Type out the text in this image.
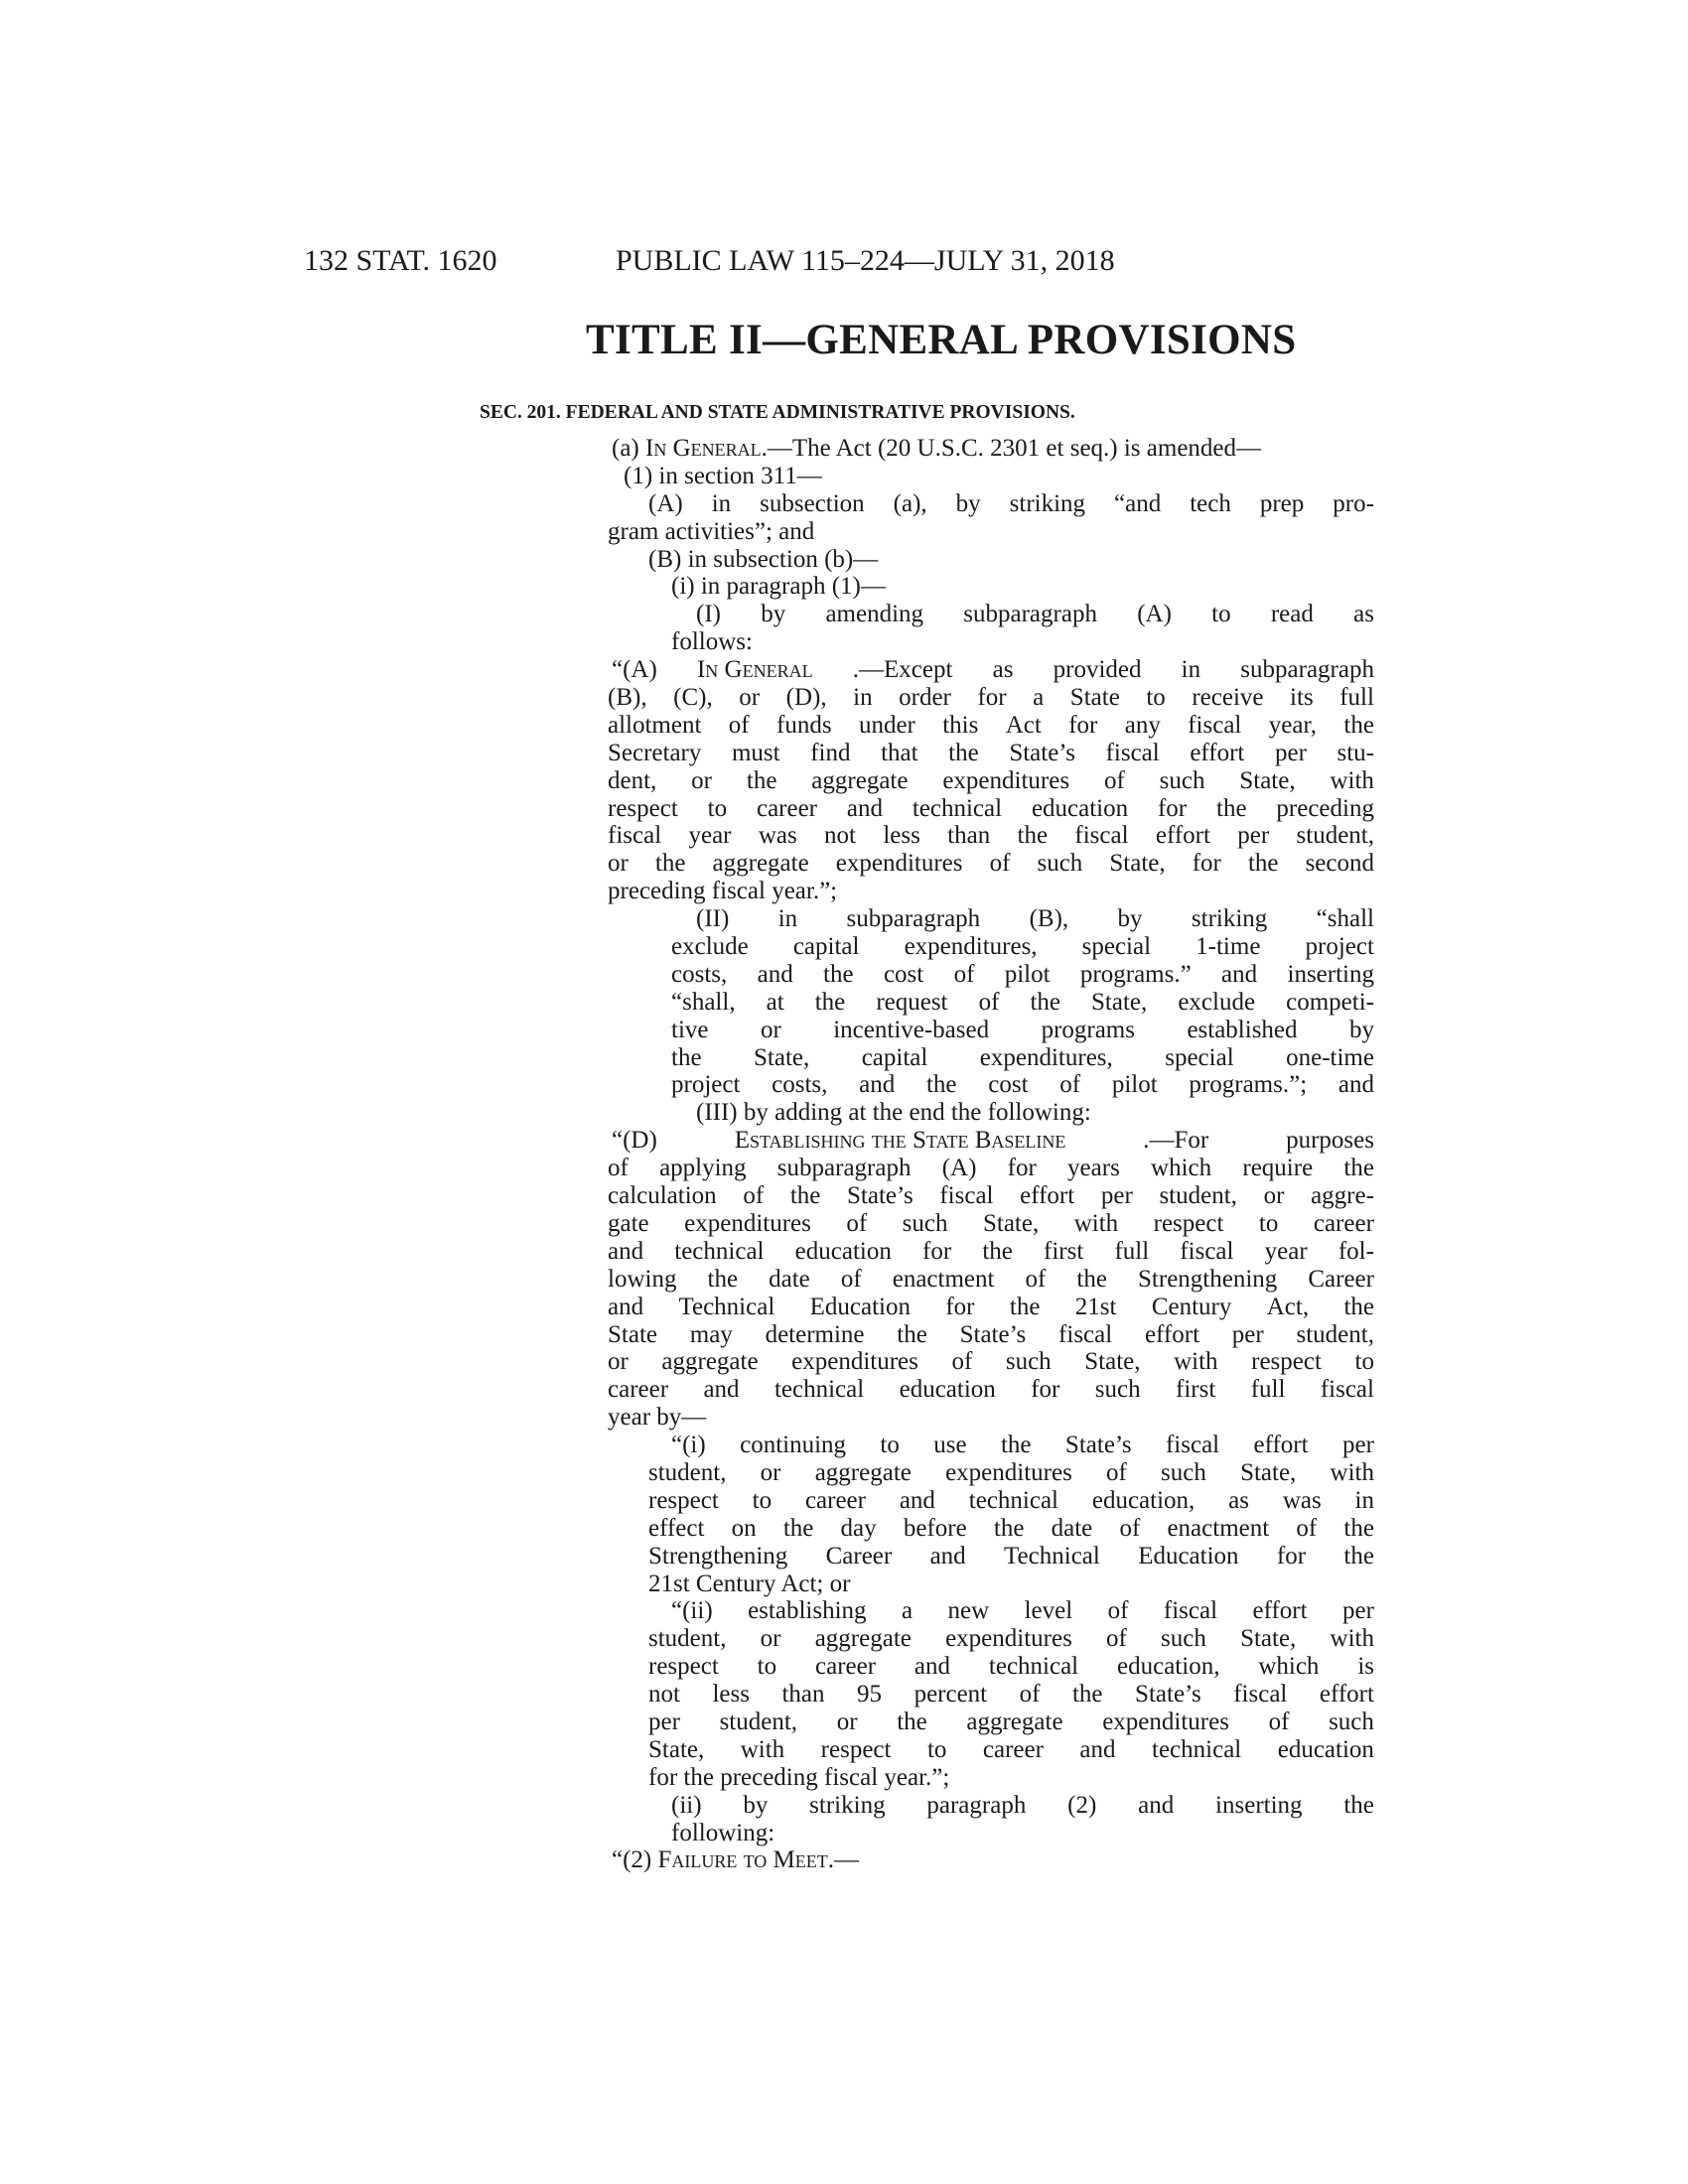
132 STAT. 1620	PUBLIC LAW 115–224—JULY 31, 2018
TITLE II—GENERAL PROVISIONS
SEC. 201. FEDERAL AND STATE ADMINISTRATIVE PROVISIONS.
(a) In General .—The Act (20 U.S.C. 2301 et seq.) is amended—
(1) in section 311—
(A) in subsection (a), by striking “and tech prep pro-
gram activities”; and
(B) in subsection (b)—
(i) in paragraph (1)—
(I) by amending subparagraph (A) to read as
follows:
“(A) In General .—Except as provided in subparagraph
(B), (C), or (D), in order for a State to receive its full
allotment of funds under this Act for any fiscal year, the
Secretary must find that the State’s fiscal effort per stu-
dent, or the aggregate expenditures of such State, with
respect to career and technical education for the preceding
fiscal year was not less than the fiscal effort per student,
or the aggregate expenditures of such State, for the second
preceding fiscal year.”;
(II) in subparagraph (B), by striking “shall
exclude capital expenditures, special 1-time project
costs, and the cost of pilot programs.” and inserting
“shall, at the request of the State, exclude competi-
tive or incentive-based programs established by
the State, capital expenditures, special one-time
project costs, and the cost of pilot programs.”; and
(III) by adding at the end the following:
“(D)	Establishing the State Baseline	.—For	purposes
of applying subparagraph (A) for years which require the
calculation of the State’s fiscal effort per student, or aggre-
gate expenditures of such State, with respect to career
and technical education for the first full fiscal year fol-
lowing the date of enactment of the Strengthening Career
and Technical Education for the 21st Century Act, the
State may determine the State’s fiscal effort per student,
or aggregate expenditures of such State, with respect to
career and technical education for such first full fiscal
year by—
“(i) continuing to use the State’s fiscal effort per
student, or aggregate expenditures of such State, with
respect to career and technical education, as was in
effect on the day before the date of enactment of the
Strengthening Career and Technical Education for the
21st Century Act; or
“(ii) establishing a new level of fiscal effort per
student, or aggregate expenditures of such State, with
respect to career and technical education, which is
not less than 95 percent of the State’s fiscal effort
per student, or the aggregate expenditures of such
State, with respect to career and technical education
for the preceding fiscal year.”;
(ii) by striking paragraph (2) and inserting the
following:
“(2) Failure to Meet .—
